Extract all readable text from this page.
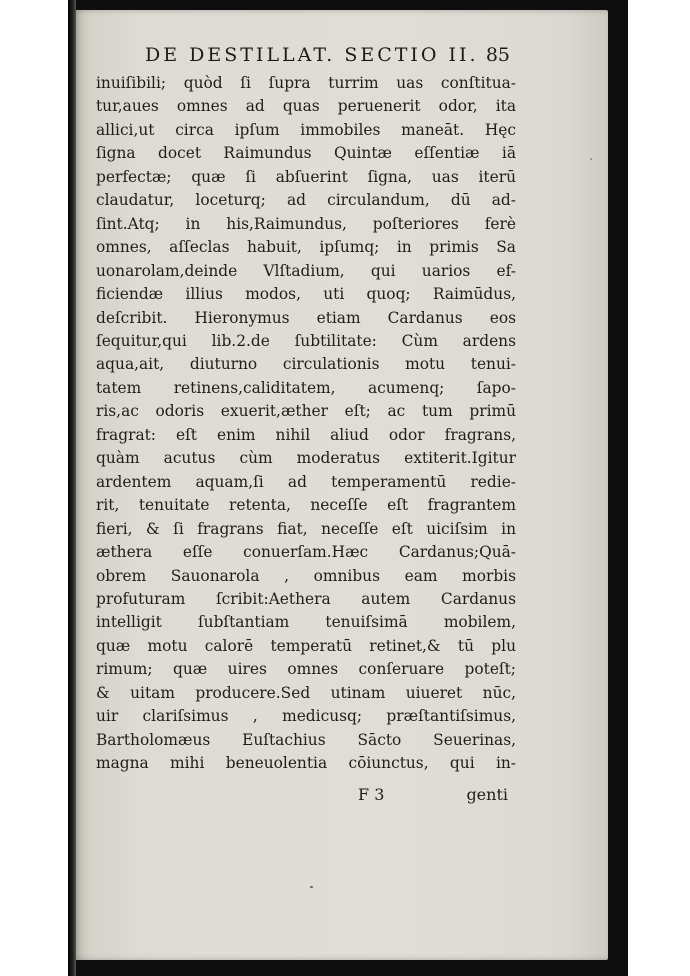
DE DESTILLAT. SECTIO II. 85
inuiſibili; quòd ſi ſupra turrim uas conſtitua-
tur,aues omnes ad quas peruenerit odor, ita
allici,ut circa ipſum immobiles maneāt. Hęc
ſigna docet Raimundus Quintæ eſſentiæ iā
perfectæ; quæ ſi abſuerint ſigna, uas iterū
claudatur, loceturq; ad circulandum, dū ad-
ſint.Atq; in his,Raimundus, poſteriores ferè
omnes, aſſeclas habuit, ipſumq; in primis Sa
uonarolam,deinde Vlſtadium, qui uarios ef-
ficiendæ illius modos, uti quoq; Raimūdus,
deſcribit. Hieronymus etiam Cardanus eos
ſequitur,qui lib.2.de ſubtilitate: Cùm ardens
aqua,ait, diuturno circulationis motu tenui-
tatem retinens,caliditatem, acumenq; ſapo-
ris,ac odoris exuerit,æther eſt; ac tum primū
fragrat: eſt enim nihil aliud odor fragrans,
quàm acutus cùm moderatus extiterit.Igitur
ardentem aquam,ſi ad temperamentū redie-
rit, tenuitate retenta, neceſſe eſt fragrantem
fieri, & ſi fragrans fiat, neceſſe eſt uiciſsim in
æthera eſſe conuerſam.Hæc Cardanus;Quā-
obrem Sauonarola , omnibus eam morbis
profuturam ſcribit:Aethera autem Cardanus
intelligit ſubſtantiam tenuiſsimā mobilem,
quæ motu calorē temperatū retinet,& tū plu
rimum; quæ uires omnes conſeruare poteſt;
& uitam producere.Sed utinam uiueret nūc,
uir clariſsimus , medicusq; præſtantiſsimus,
Bartholomæus Euſtachius Sācto Seuerinas,
magna mihi beneuolentia cōiunctus, qui in-
F 3	genti
